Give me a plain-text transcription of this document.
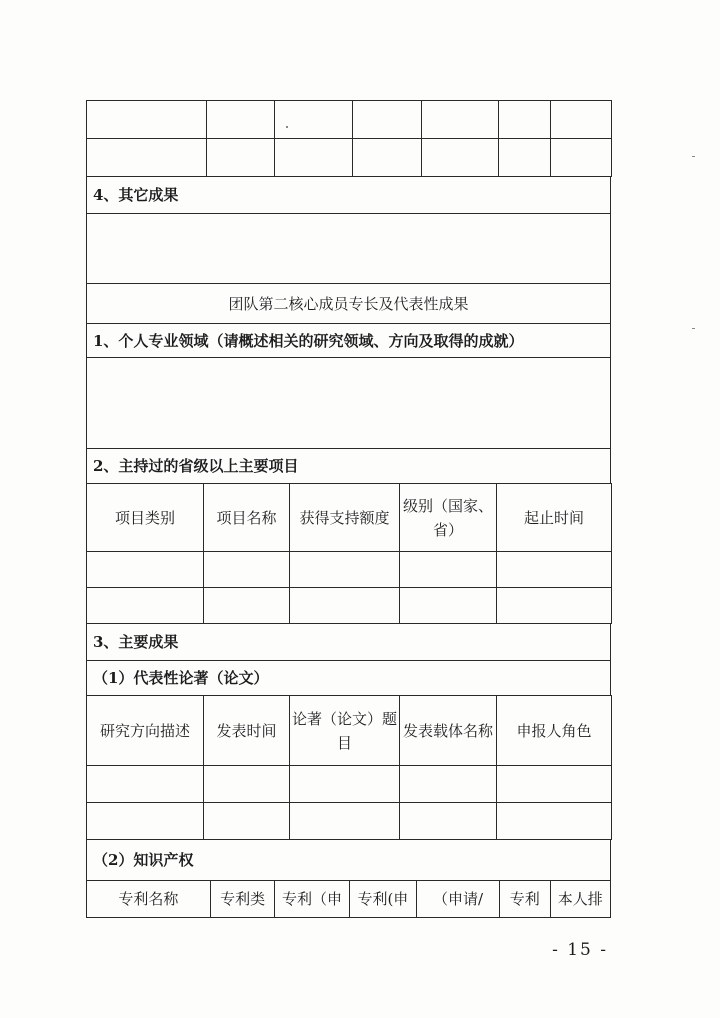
4、其它成果

团队第二核心成员专长及代表性成果
1、个人专业领域（请概述相关的研究领域、方向及取得的成就）

2、主持过的省级以上主要项目
项目类别	项目名称	获得支持额度	级别（国家、省）	起止时间

3、主要成果
（1）代表性论著（论文）
研究方向描述	发表时间	论著（论文）题目	发表载体名称	申报人角色

（2）知识产权
专利名称	专利类	专利（申	专利(申	（申请/	专利	本人排
- 15 -
